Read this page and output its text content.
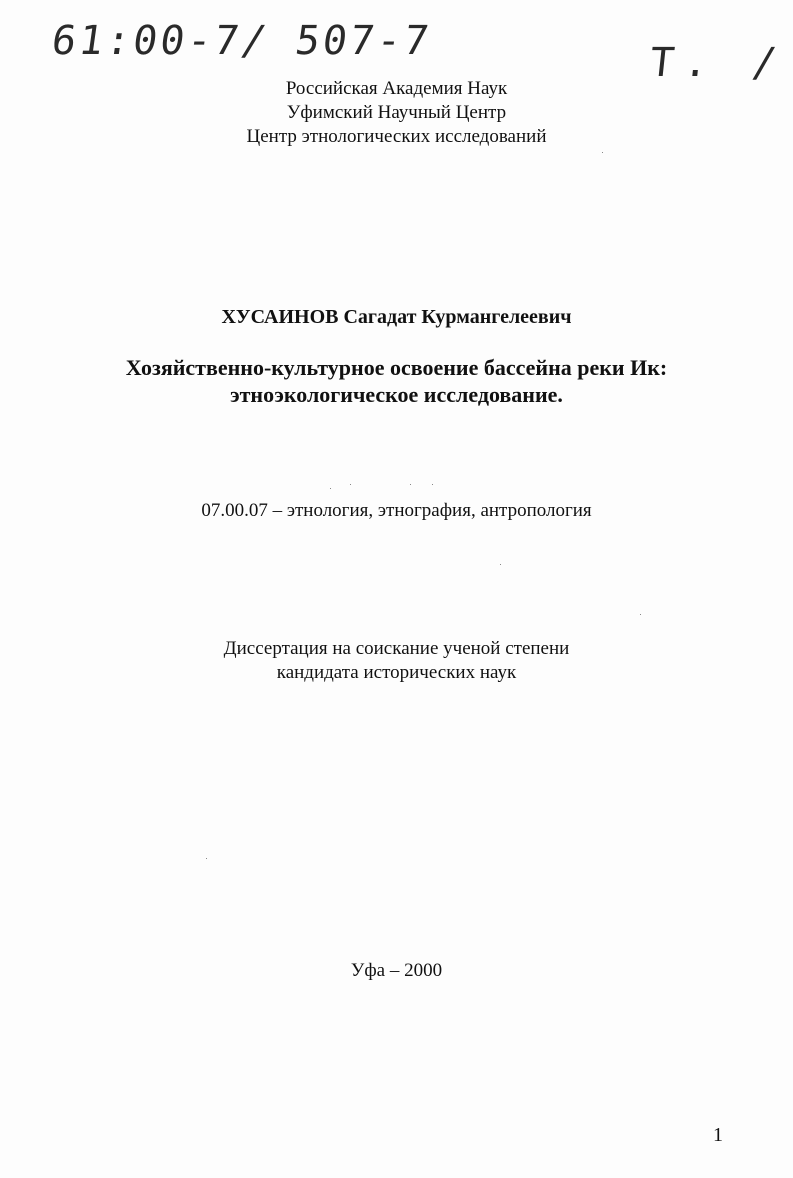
61:00-7/ 507-7	T. /
Российская Академия Наук
Уфимский Научный Центр
Центр этнологических исследований
ХУСАИНОВ Сагадат Курмангелеевич
Хозяйственно-культурное освоение бассейна реки Ик:
этноэкологическое исследование.
07.00.07 – этнология, этнография, антропология
Диссертация на соискание ученой степени
кандидата исторических наук
Уфа – 2000
1
